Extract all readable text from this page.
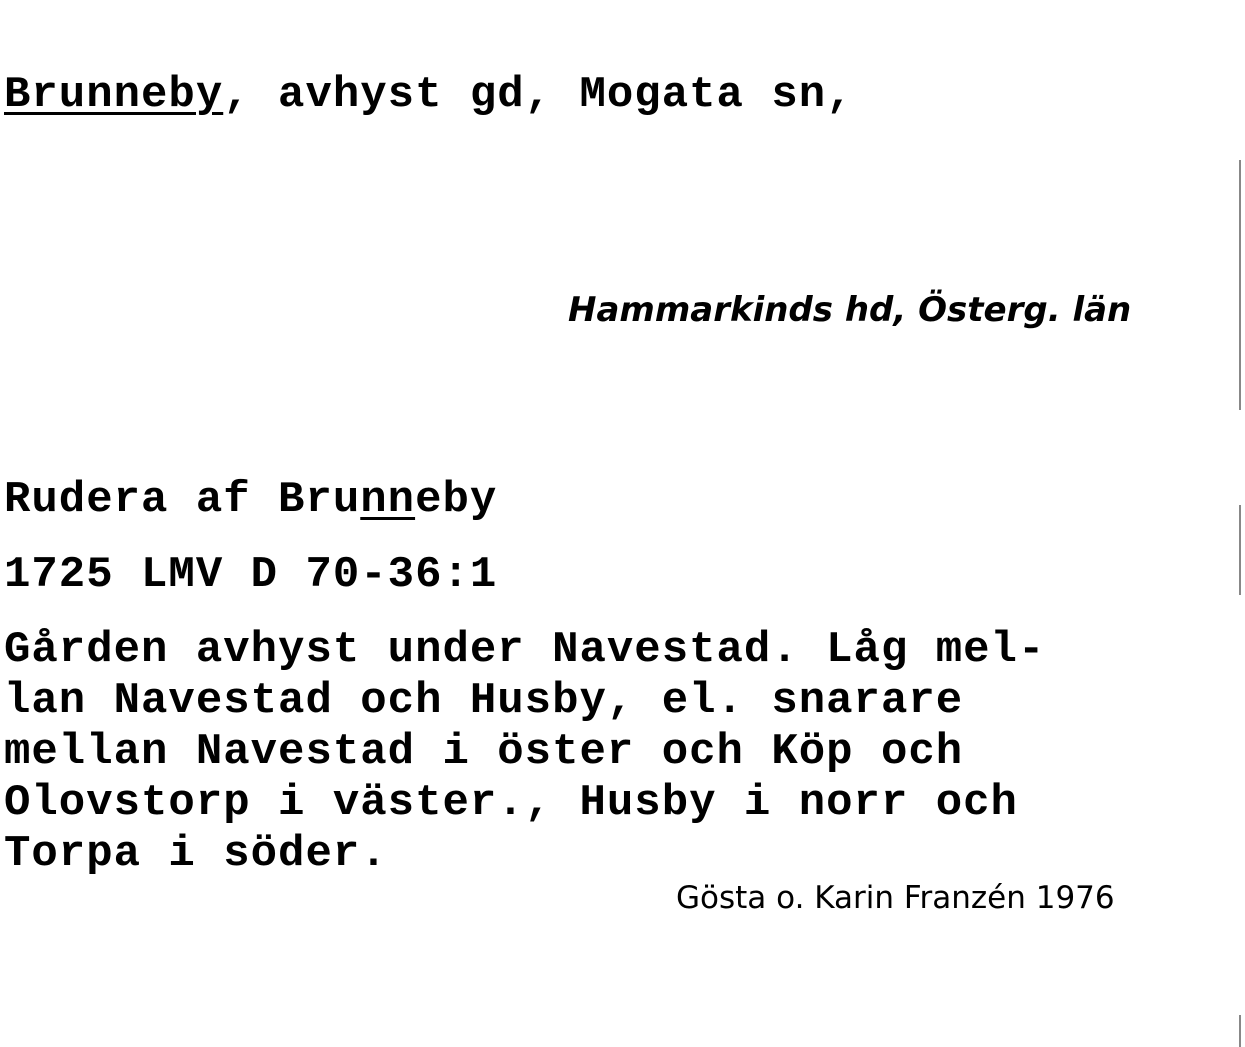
Brunneby, avhyst gd, Mogata sn,
Hammarkinds hd, Österg. län
Rudera af Brunneby
1725 LMV D 70-36:1
Gården avhyst under Navestad. Låg mel-
lan Navestad och Husby, el. snarare
mellan Navestad i öster och Köp och
Olovstorp i väster., Husby i norr och
Torpa i söder.
Gösta o. Karin Franzén 1976
